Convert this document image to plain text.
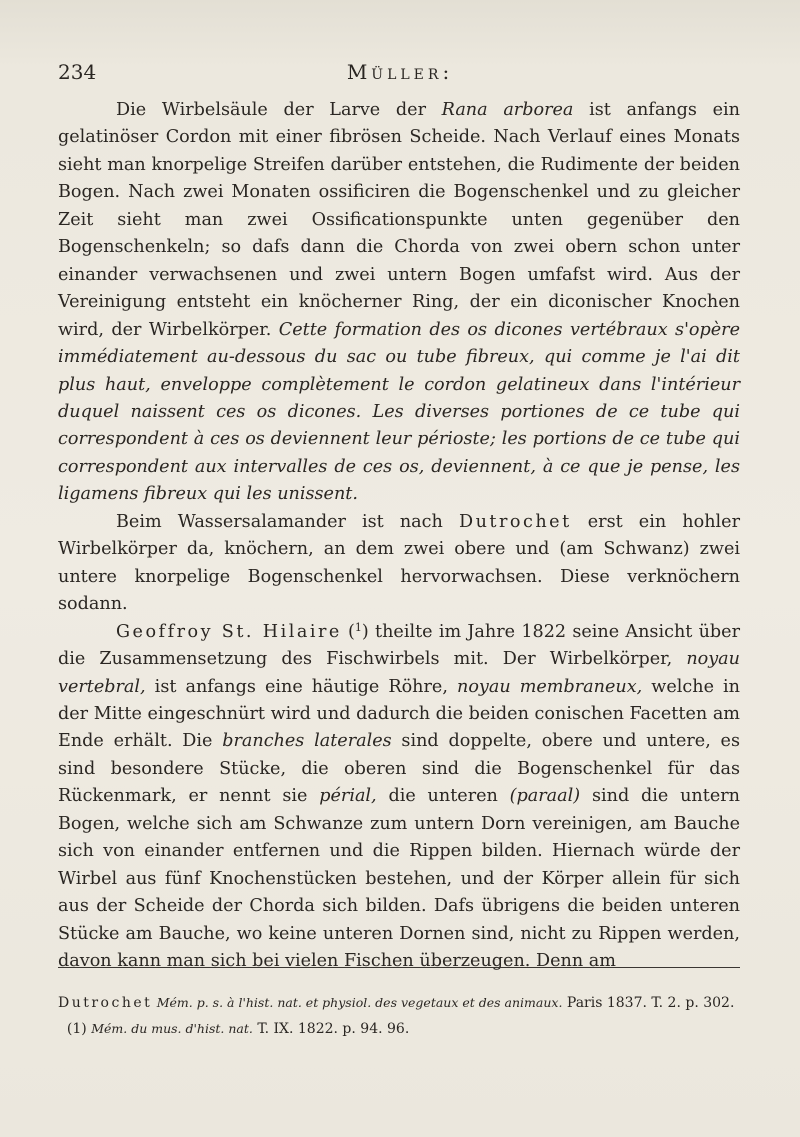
234	Müller:

Die Wirbelsäule der Larve der Rana arborea ist anfangs ein gelatinöser Cordon mit einer fibrösen Scheide. Nach Verlauf eines Monats sieht man knorpelige Streifen darüber entstehen, die Rudimente der beiden Bogen. Nach zwei Monaten ossificiren die Bogenschenkel und zu gleicher Zeit sieht man zwei Ossificationspunkte unten gegenüber den Bogenschenkeln; so dafs dann die Chorda von zwei obern schon unter einander verwachsenen und zwei untern Bogen umfafst wird. Aus der Vereinigung entsteht ein knöcherner Ring, der ein diconischer Knochen wird, der Wirbelkörper. Cette formation des os dicones vertébraux s'opère immédiatement au-dessous du sac ou tube fibreux, qui comme je l'ai dit plus haut, enveloppe complètement le cordon gelatineux dans l'intérieur duquel naissent ces os dicones. Les diverses portiones de ce tube qui correspondent à ces os deviennent leur périoste; les portions de ce tube qui correspondent aux intervalles de ces os, deviennent, à ce que je pense, les ligamens fibreux qui les unissent.

Beim Wassersalamander ist nach Dutrochet erst ein hohler Wirbelkörper da, knöchern, an dem zwei obere und (am Schwanz) zwei untere knorpelige Bogenschenkel hervorwachsen. Diese verknöchern sodann.

Geoffroy St. Hilaire ($^1$) theilte im Jahre 1822 seine Ansicht über die Zusammensetzung des Fischwirbels mit. Der Wirbelkörper, noyau vertebral, ist anfangs eine häutige Röhre, noyau membraneux, welche in der Mitte eingeschnürt wird und dadurch die beiden conischen Facetten am Ende erhält. Die branches laterales sind doppelte, obere und untere, es sind besondere Stücke, die oberen sind die Bogenschenkel für das Rückenmark, er nennt sie périal, die unteren (paraal) sind die untern Bogen, welche sich am Schwanze zum untern Dorn vereinigen, am Bauche sich von einander entfernen und die Rippen bilden. Hiernach würde der Wirbel aus fünf Knochenstücken bestehen, und der Körper allein für sich aus der Scheide der Chorda sich bilden. Dafs übrigens die beiden unteren Stücke am Bauche, wo keine unteren Dornen sind, nicht zu Rippen werden, davon kann man sich bei vielen Fischen überzeugen. Denn am

Dutrochet Mém. p. s. à l'hist. nat. et physiol. des vegetaux et des animaux. Paris 1837. T. 2. p. 302.

(1) Mém. du mus. d'hist. nat. T. IX. 1822. p. 94. 96.
